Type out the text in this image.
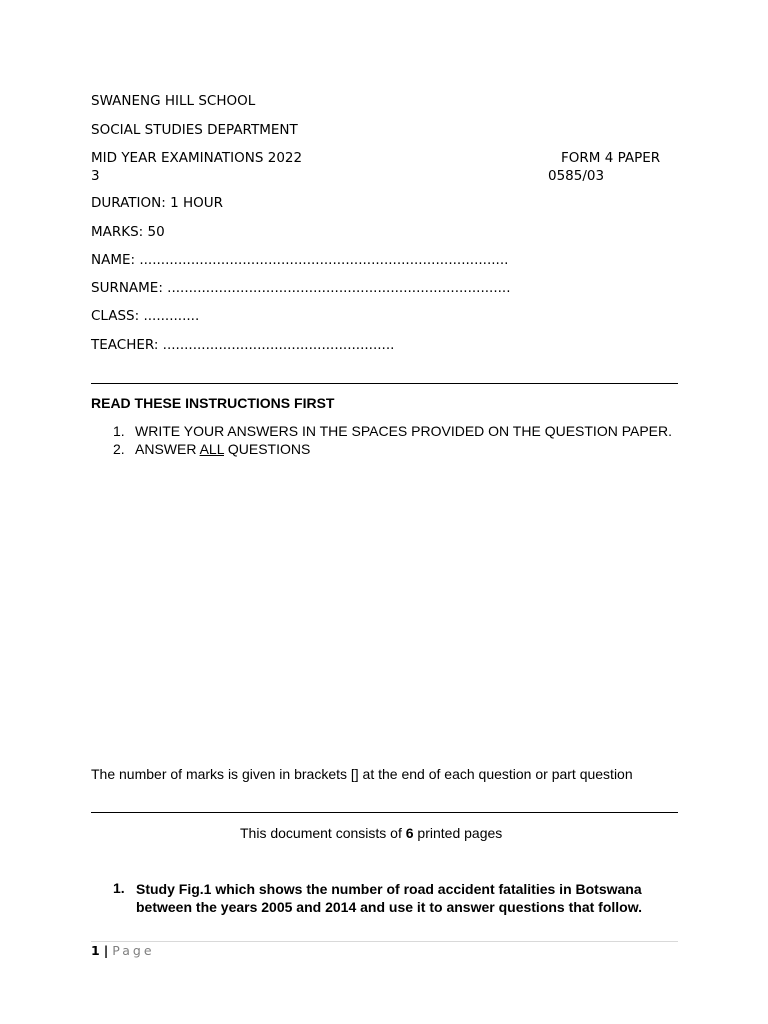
SWANENG HILL SCHOOL
SOCIAL STUDIES DEPARTMENT
MID YEAR EXAMINATIONS 2022	FORM 4 PAPER
3	0585/03
DURATION: 1 HOUR
MARKS: 50
NAME: ......................................................................................
SURNAME: ................................................................................
CLASS: .............
TEACHER: ......................................................
READ THESE INSTRUCTIONS FIRST
1. WRITE YOUR ANSWERS IN THE SPACES PROVIDED ON THE QUESTION PAPER.
2. ANSWER ALL QUESTIONS
The number of marks is given in brackets [] at the end of each question or part question
This document consists of 6 printed pages
1. Study Fig.1 which shows the number of road accident fatalities in Botswana between the years 2005 and 2014 and use it to answer questions that follow.
1 | Page
